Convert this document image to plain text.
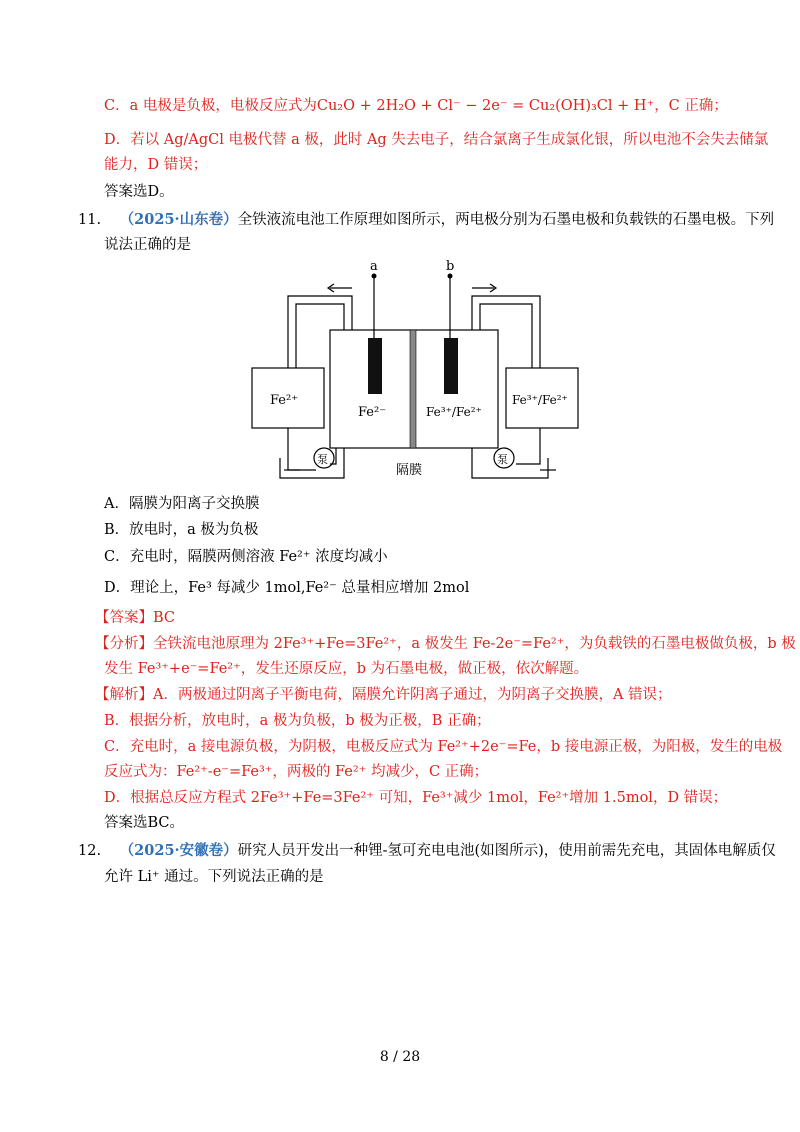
C．a 电极是负极，电极反应式为Cu₂O + 2H₂O + Cl⁻ − 2e⁻ = Cu₂(OH)₃Cl + H⁺，C 正确；
D．若以 Ag/AgCl 电极代替 a 极，此时 Ag 失去电子，结合氯离子生成氯化银，所以电池不会失去储氯
能力，D 错误；
答案选D。
11. （2025·山东卷）全铁液流电池工作原理如图所示，两电极分别为石墨电极和负载铁的石墨电极。下列
说法正确的是
a	b
Fe²⁺
Fe²⁻	Fe³⁺/Fe²⁺
Fe³⁺/Fe²⁺
泵	泵
隔膜
A．隔膜为阳离子交换膜
B．放电时，a 极为负极
C．充电时，隔膜两侧溶液 Fe²⁺ 浓度均减小
D．理论上，Fe³ 每减少 1mol,Fe²⁻ 总量相应增加 2mol
【答案】BC
【分析】全铁流电池原理为 2Fe³⁺+Fe=3Fe²⁺，a 极发生 Fe-2e⁻=Fe²⁺，为负载铁的石墨电极做负极，b 极
发生 Fe³⁺+e⁻=Fe²⁺，发生还原反应，b 为石墨电极，做正极，依次解题。
【解析】A．两极通过阴离子平衡电荷，隔膜允许阴离子通过，为阴离子交换膜，A 错误；
B．根据分析，放电时，a 极为负极，b 极为正极，B 正确；
C．充电时，a 接电源负极，为阴极，电极反应式为 Fe²⁺+2e⁻=Fe，b 接电源正极，为阳极，发生的电极
反应式为：Fe²⁺-e⁻=Fe³⁺，两极的 Fe²⁺ 均减少，C 正确；
D．根据总反应方程式 2Fe³⁺+Fe=3Fe²⁺ 可知，Fe³⁺减少 1mol，Fe²⁺增加 1.5mol，D 错误；
答案选BC。
12. （2025·安徽卷）研究人员开发出一种锂-氢可充电电池(如图所示)，使用前需先充电，其固体电解质仅
允许 Li⁺ 通过。下列说法正确的是
8 / 28
